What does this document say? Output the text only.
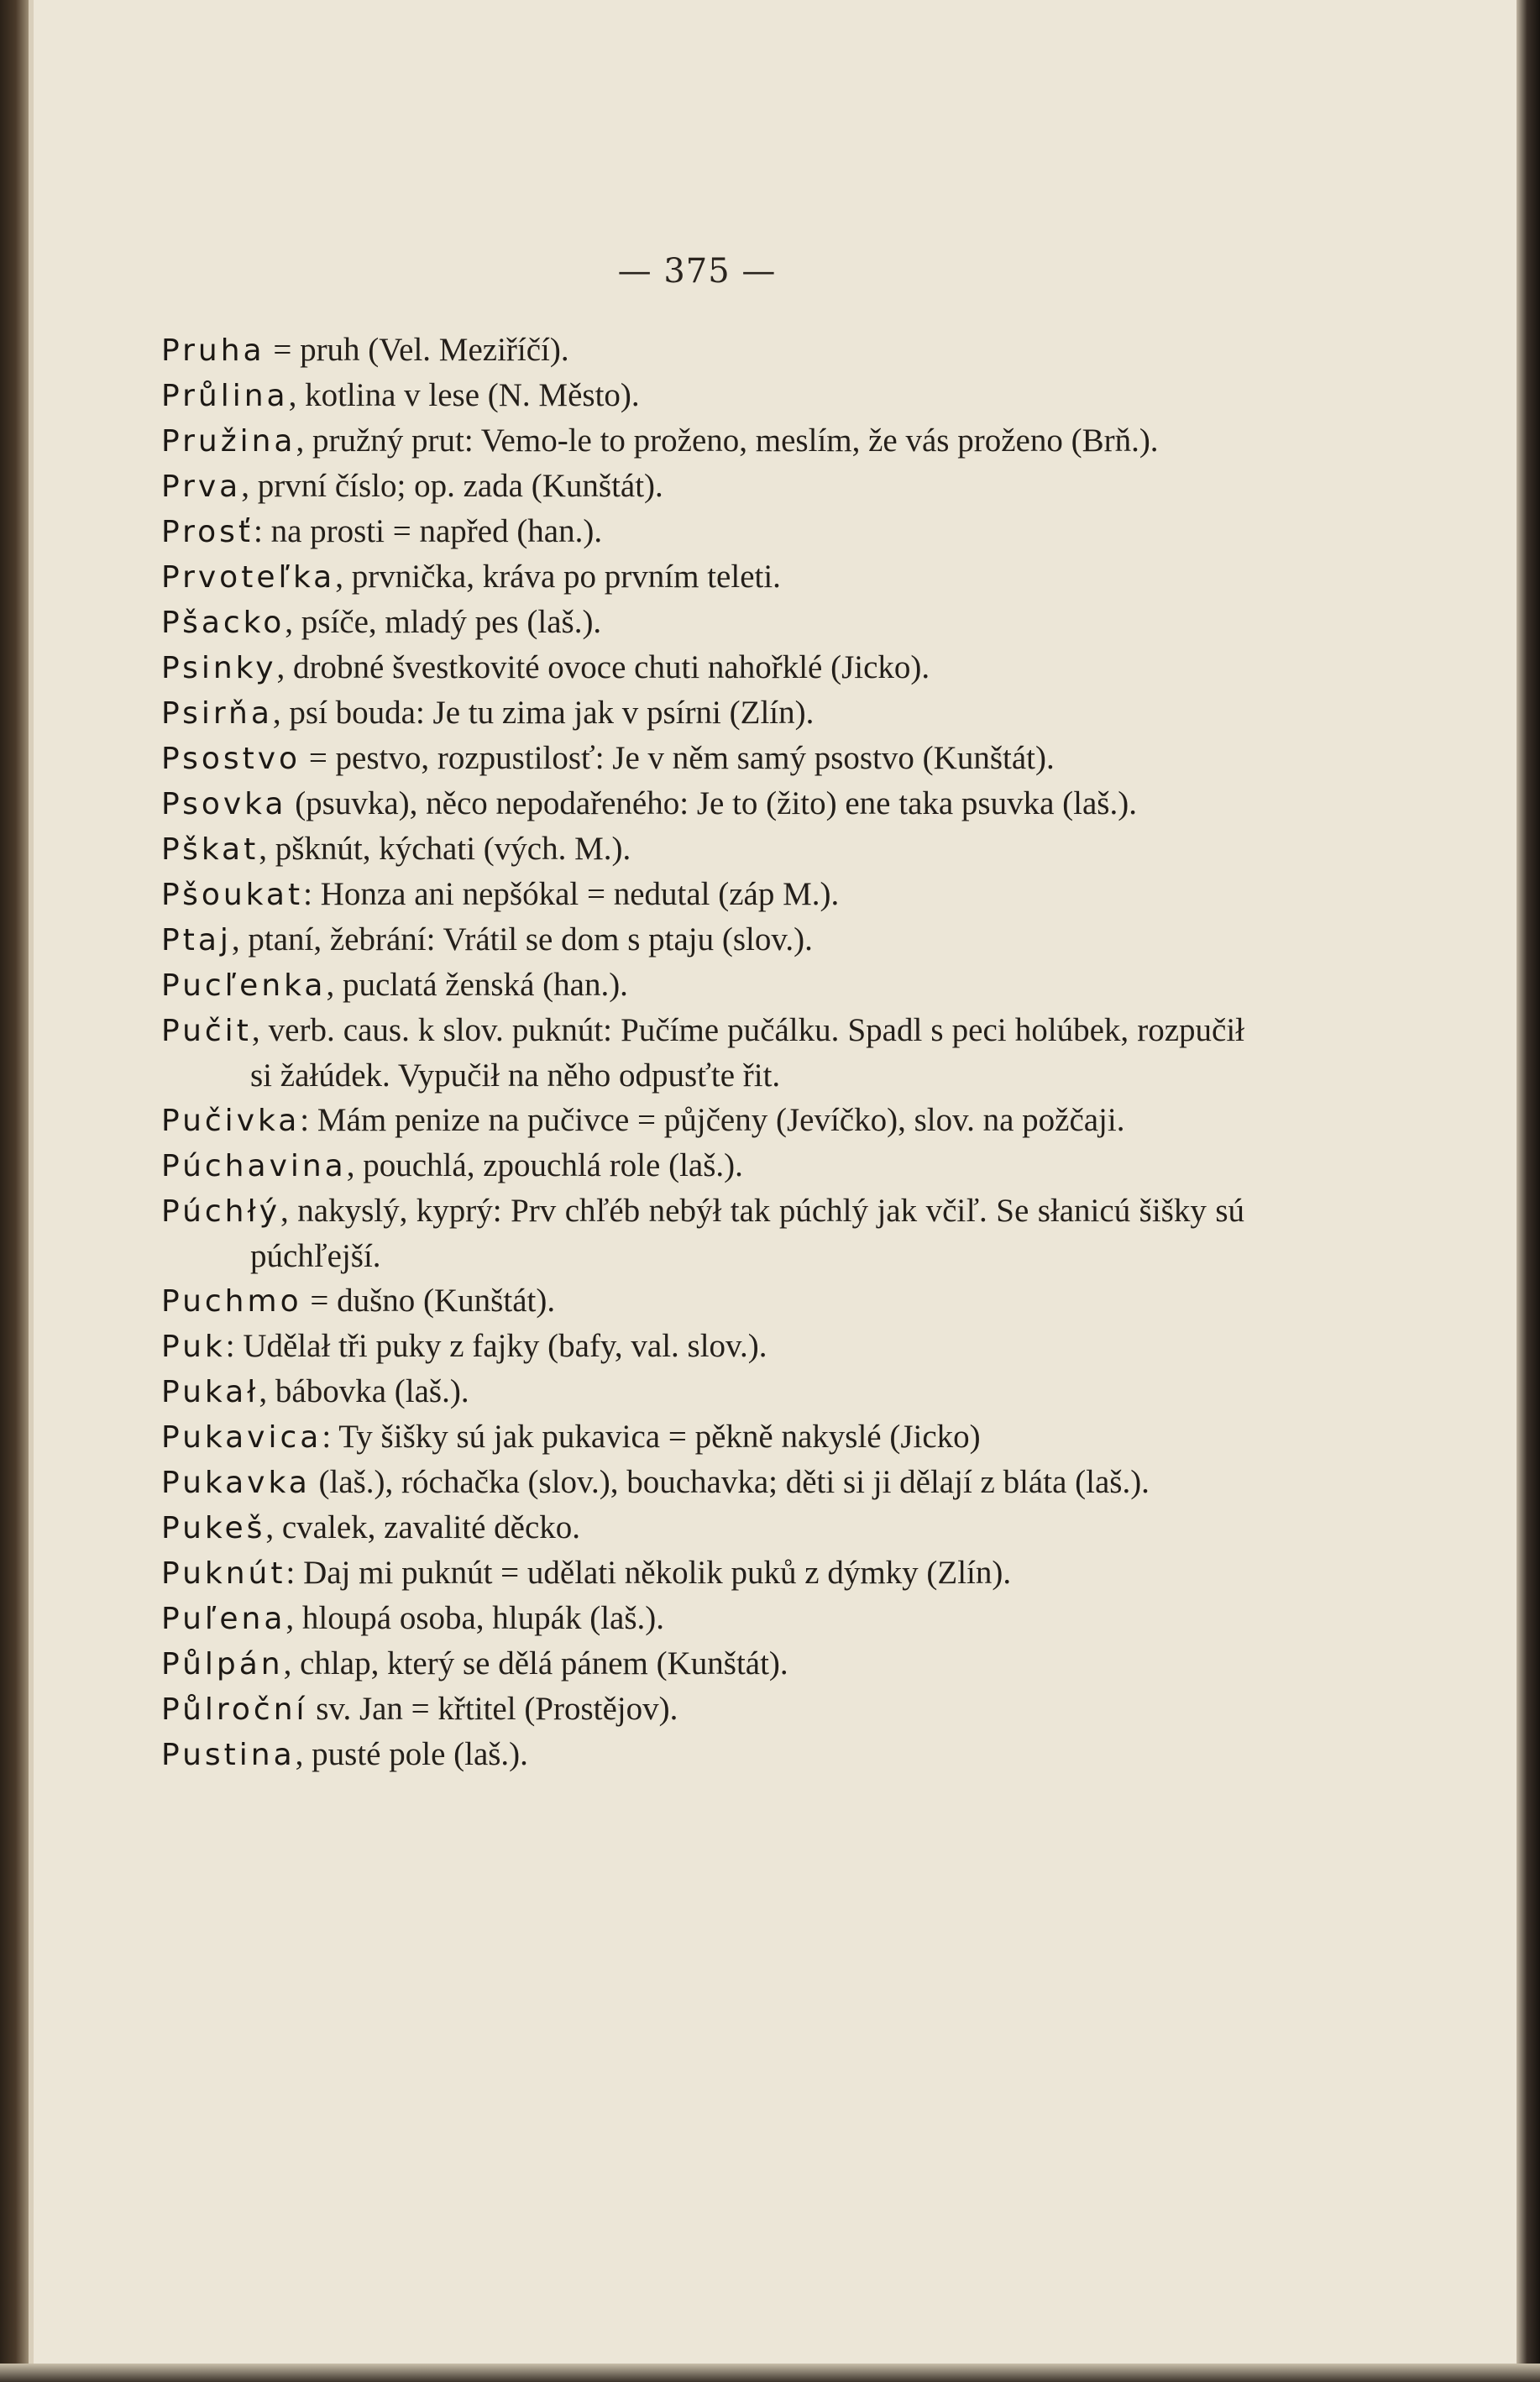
— 375 —

Pruha = pruh (Vel. Meziříčí).

Průlina, kotlina v lese (N. Město).

Pružina, pružný prut: Vemo-le to proženo, meslím, že vás proženo (Brň.).

Prva, první číslo; op. zada (Kunštát).

Prosť: na prosti = napřed (han.).

Prvoteľka, prvnička, kráva po prvním teleti.

Pšacko, psíče, mladý pes (laš.).

Psinky, drobné švestkovité ovoce chuti nahořklé (Jicko).

Psirňa, psí bouda: Je tu zima jak v psírni (Zlín).

Psostvo = pestvo, rozpustilosť: Je v něm samý psostvo (Kunštát).

Psovka (psuvka), něco nepodařeného: Je to (žito) ene taka psuvka (laš.).

Pškat, pšknút, kýchati (vých. M.).

Pšoukat: Honza ani nepšókal = nedutal (záp M.).

Ptaj, ptaní, žebrání: Vrátil se dom s ptaju (slov.).

Pucľenka, puclatá ženská (han.).

Pučit, verb. caus. k slov. puknút: Pučíme pučálku. Spadl s peci holúbek, rozpučił si žałúdek. Vypučił na něho odpusťte řit.

Pučivka: Mám penize na pučivce = půjčeny (Jevíčko), slov. na požčaji.

Púchavina, pouchlá, zpouchlá role (laš.).

Púchłý, nakyslý, kyprý: Prv chľéb nebýł tak púchlý jak včiľ. Se słanicú šišky sú púchľejší.

Puchmo = dušno (Kunštát).

Puk: Udělał tři puky z fajky (bafy, val. slov.).

Pukał, bábovka (laš.).

Pukavica: Ty šišky sú jak pukavica = pěkně nakyslé (Jicko)

Pukavka (laš.), róchačka (slov.), bouchavka; děti si ji dělají z bláta (laš.).

Pukeš, cvalek, zavalité děcko.

Puknút: Daj mi puknút = udělati několik puků z dýmky (Zlín).

Puľena, hloupá osoba, hlupák (laš.).

Půlpán, chlap, který se dělá pánem (Kunštát).

Půlroční sv. Jan = křtitel (Prostějov).

Pustina, pusté pole (laš.).
